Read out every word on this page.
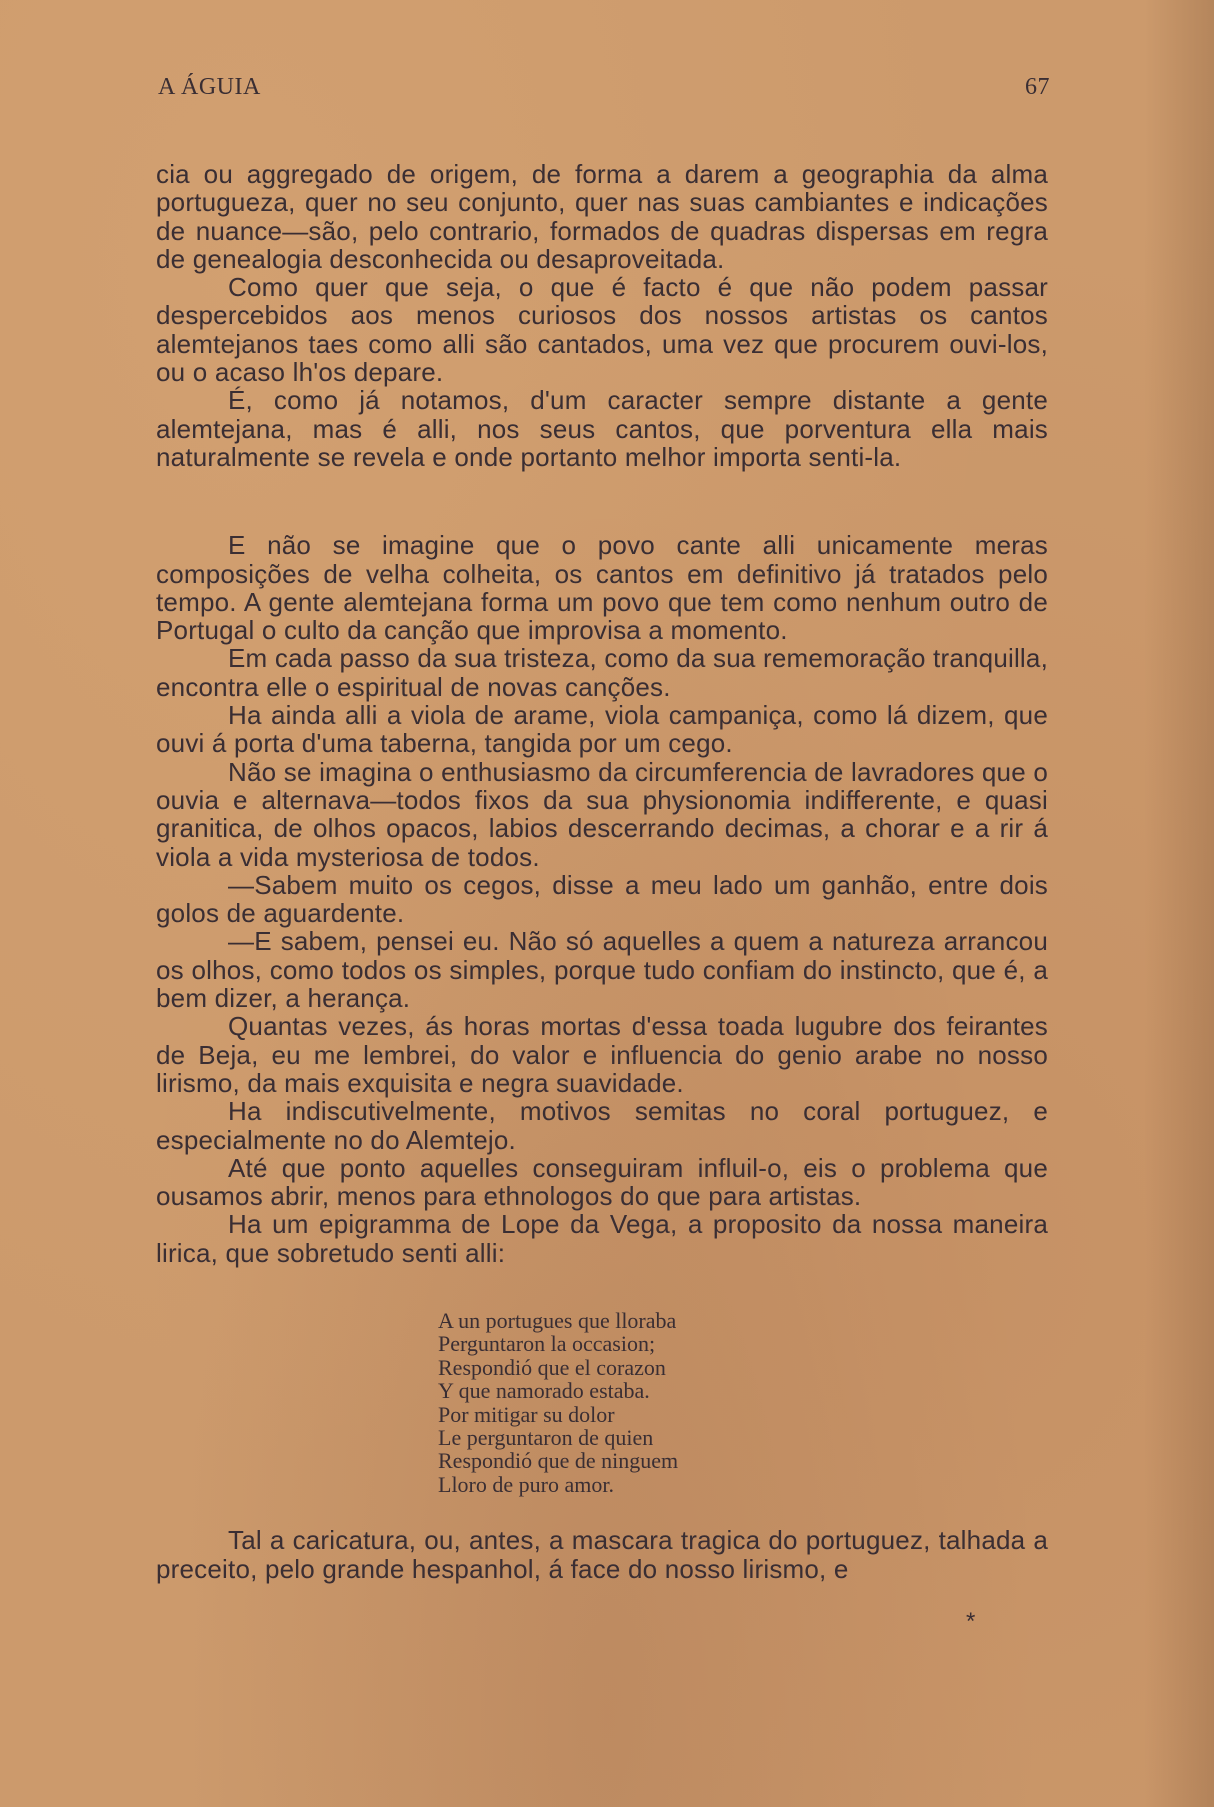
A ÁGUIA	67

cia ou aggregado de origem, de forma a darem a geographia da alma portugueza, quer no seu conjunto, quer nas suas cambiantes e indicações de nuance—são, pelo contrario, formados de quadras dispersas em regra de genealogia desconhecida ou desaproveitada.

Como quer que seja, o que é facto é que não podem passar despercebidos aos menos curiosos dos nossos artistas os cantos alemtejanos taes como alli são cantados, uma vez que procurem ouvi-los, ou o acaso lh'os depare.

É, como já notamos, d'um caracter sempre distante a gente alemtejana, mas é alli, nos seus cantos, que porventura ella mais naturalmente se revela e onde portanto melhor importa senti-la.

E não se imagine que o povo cante alli unicamente meras composições de velha colheita, os cantos em definitivo já tratados pelo tempo. A gente alemtejana forma um povo que tem como nenhum outro de Portugal o culto da canção que improvisa a momento.

Em cada passo da sua tristeza, como da sua rememoração tranquilla, encontra elle o espiritual de novas canções.

Ha ainda alli a viola de arame, viola campaniça, como lá dizem, que ouvi á porta d'uma taberna, tangida por um cego.

Não se imagina o enthusiasmo da circumferencia de lavradores que o ouvia e alternava—todos fixos da sua physionomia indifferente, e quasi granitica, de olhos opacos, labios descerrando decimas, a chorar e a rir á viola a vida mysteriosa de todos.

—Sabem muito os cegos, disse a meu lado um ganhão, entre dois golos de aguardente.

—E sabem, pensei eu. Não só aquelles a quem a natureza arrancou os olhos, como todos os simples, porque tudo confiam do instincto, que é, a bem dizer, a herança.

Quantas vezes, ás horas mortas d'essa toada lugubre dos feirantes de Beja, eu me lembrei, do valor e influencia do genio arabe no nosso lirismo, da mais exquisita e negra suavidade.

Ha indiscutivelmente, motivos semitas no coral portuguez, e especialmente no do Alemtejo.

Até que ponto aquelles conseguiram influil-o, eis o problema que ousamos abrir, menos para ethnologos do que para artistas.

Ha um epigramma de Lope da Vega, a proposito da nossa maneira lirica, que sobretudo senti alli:

A un portugues que lloraba
Perguntaron la occasion;
Respondió que el corazon
Y que namorado estaba.
Por mitigar su dolor
Le perguntaron de quien
Respondió que de ninguem
Lloro de puro amor.

Tal a caricatura, ou, antes, a mascara tragica do portuguez, talhada a preceito, pelo grande hespanhol, á face do nosso lirismo, e

*
